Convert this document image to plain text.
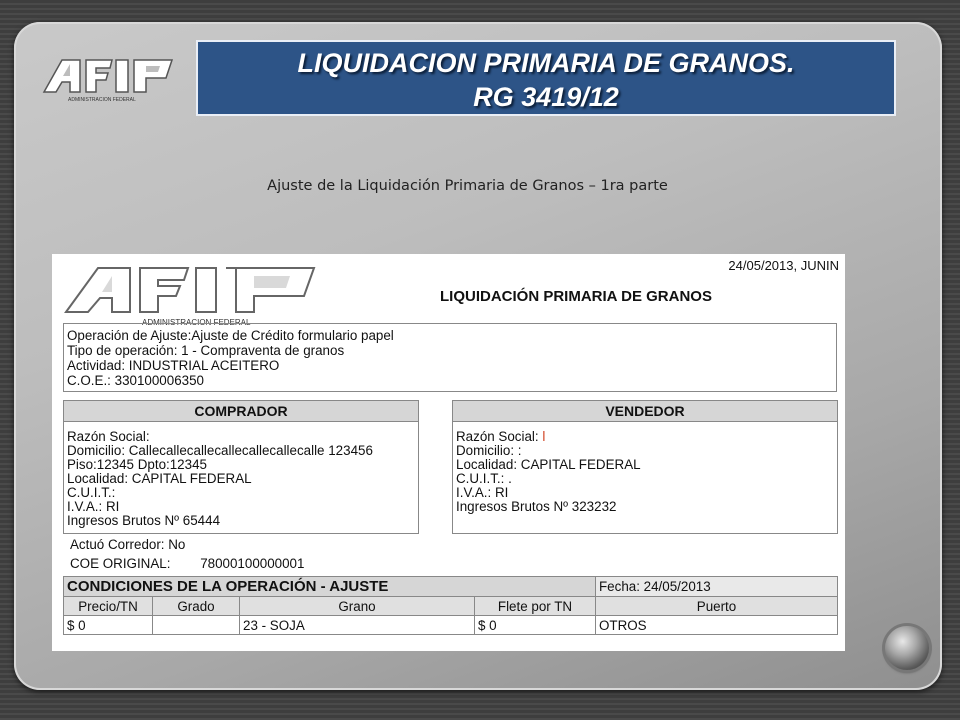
ADMINISTRACION FEDERAL
LIQUIDACION PRIMARIA DE GRANOS.
RG 3419/12
Ajuste de la Liquidación Primaria de Granos – 1ra parte
ADMINISTRACION FEDERAL
24/05/2013, JUNIN
LIQUIDACIÓN PRIMARIA DE GRANOS
Operación de Ajuste:Ajuste de Crédito formulario papel
Tipo de operación: 1 - Compraventa de granos
Actividad: INDUSTRIAL ACEITERO
C.O.E.: 330100006350
COMPRADOR
Razón Social:
Domicilio: Callecallecallecallecallecallecalle 123456
Piso:12345 Dpto:12345
Localidad: CAPITAL FEDERAL
C.U.I.T.:
I.V.A.: RI
Ingresos Brutos Nº 65444
VENDEDOR
Razón Social: l
Domicilio: :
Localidad: CAPITAL FEDERAL
C.U.I.T.: .
I.V.A.: RI
Ingresos Brutos Nº 323232
Actuó Corredor: No
COE ORIGINAL: 78000100000001
CONDICIONES DE LA OPERACIÓN - AJUSTE				Fecha: 24/05/2013
Precio/TN	Grado	Grano	Flete por TN	Puerto
$ 0		23 - SOJA	$ 0	OTROS
